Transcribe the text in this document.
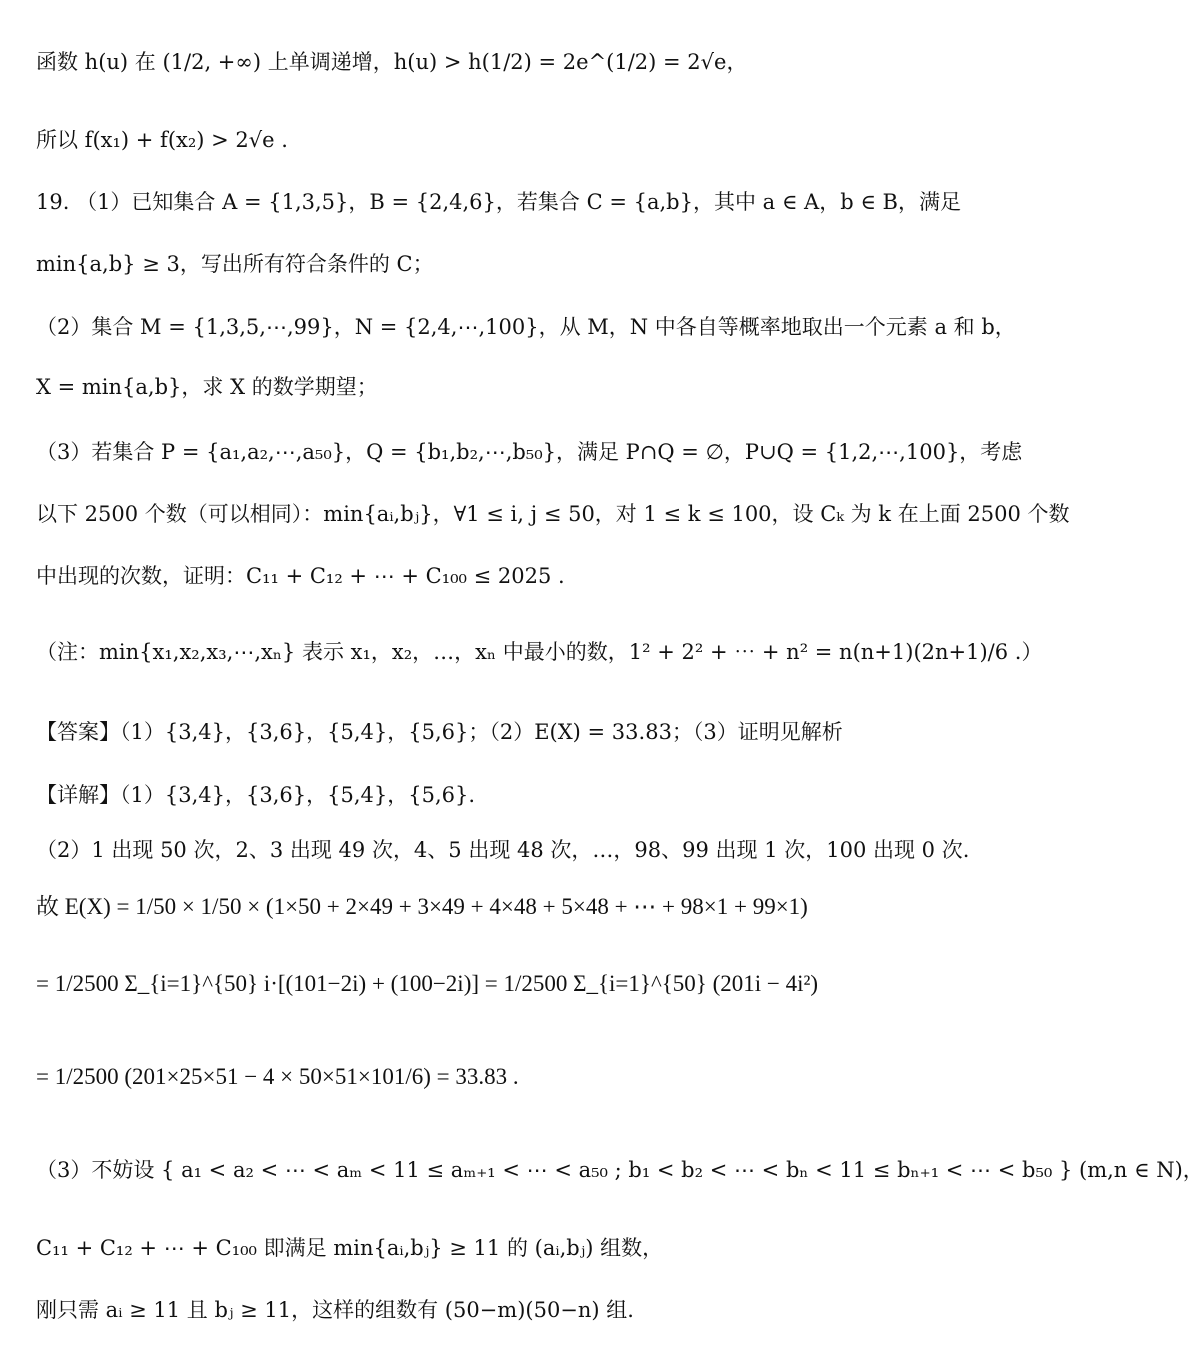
函数 h(u) 在 (1/2, +∞) 上单调递增，h(u) > h(1/2) = 2e^(1/2) = 2√e，
所以 f(x₁) + f(x₂) > 2√e .
19. （1）已知集合 A = {1,3,5}，B = {2,4,6}，若集合 C = {a,b}，其中 a ∈ A，b ∈ B，满足
min{a,b} ≥ 3，写出所有符合条件的 C；
（2）集合 M = {1,3,5,⋯,99}，N = {2,4,⋯,100}，从 M，N 中各自等概率地取出一个元素 a 和 b，
X = min{a,b}，求 X 的数学期望；
（3）若集合 P = {a₁,a₂,⋯,a₅₀}，Q = {b₁,b₂,⋯,b₅₀}，满足 P∩Q = ∅，P∪Q = {1,2,⋯,100}，考虑
以下 2500 个数（可以相同）：min{aᵢ,bⱼ}，∀1 ≤ i, j ≤ 50，对 1 ≤ k ≤ 100，设 Cₖ 为 k 在上面 2500 个数
中出现的次数，证明：C₁₁ + C₁₂ + ⋯ + C₁₀₀ ≤ 2025 .
（注：min{x₁,x₂,x₃,⋯,xₙ} 表示 x₁，x₂，…，xₙ 中最小的数，1² + 2² + ⋯ + n² = n(n+1)(2n+1)/6 .）
【答案】（1）{3,4}，{3,6}，{5,4}，{5,6}；（2）E(X) = 33.83；（3）证明见解析
【详解】（1）{3,4}，{3,6}，{5,4}，{5,6}.
（2）1 出现 50 次，2、3 出现 49 次，4、5 出现 48 次，…，98、99 出现 1 次，100 出现 0 次.
故 E(X) = 1/50 × 1/50 × (1×50 + 2×49 + 3×49 + 4×48 + 5×48 + ⋯ + 98×1 + 99×1)
= 1/2500 Σ_{i=1}^{50} i·[(101−2i) + (100−2i)] = 1/2500 Σ_{i=1}^{50} (201i − 4i²)
= 1/2500 (201×25×51 − 4 × 50×51×101/6) = 33.83 .
（3）不妨设 { a₁ < a₂ < ⋯ < aₘ < 11 ≤ aₘ₊₁ < ⋯ < a₅₀ ; b₁ < b₂ < ⋯ < bₙ < 11 ≤ bₙ₊₁ < ⋯ < b₅₀ } (m,n ∈ N)，
C₁₁ + C₁₂ + ⋯ + C₁₀₀ 即满足 min{aᵢ,bⱼ} ≥ 11 的 (aᵢ,bⱼ) 组数，
刚只需 aᵢ ≥ 11 且 bⱼ ≥ 11，这样的组数有 (50−m)(50−n) 组.
